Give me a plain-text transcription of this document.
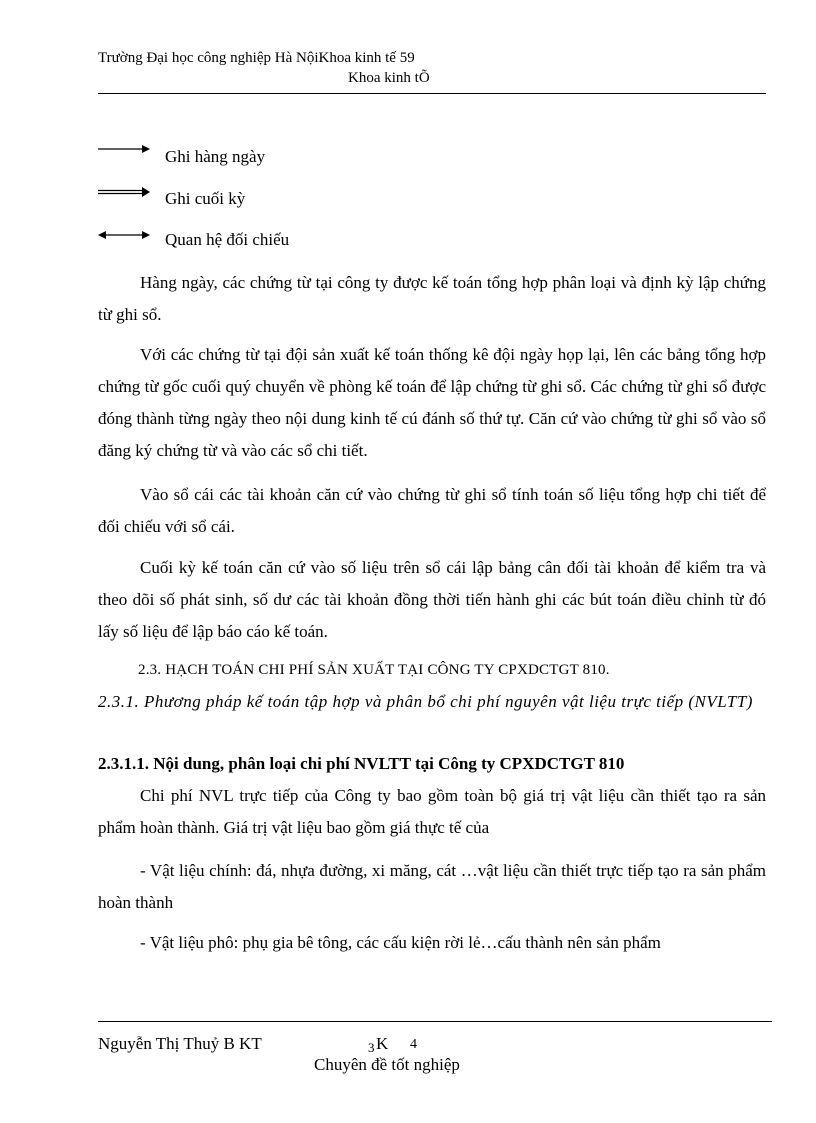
Trường Đại học công nghiệp Hà NộiKhoa kinh tế 59
Khoa kinh tÕ
Ghi hàng ngày
Ghi cuối kỳ
Quan hệ đối chiếu

Hàng ngày, các chứng từ tại công ty được kế toán tổng hợp phân loại và định kỳ lập chứng từ ghi sổ.

Với các chứng từ tại đội sản xuất kế toán thống kê đội ngày họp lại, lên các bảng tổng hợp chứng từ gốc cuối quý chuyển về phòng kế toán để lập chứng từ ghi sổ. Các chứng từ ghi sổ được đóng thành từng ngày theo nội dung kinh tế cú đánh số thứ tự. Căn cứ vào chứng từ ghi sổ vào sổ đăng ký chứng từ và vào các sổ chi tiết.

Vào sổ cái các tài khoản căn cứ vào chứng từ ghi sổ tính toán số liệu tổng hợp chi tiết để đối chiếu với sổ cái.

Cuối kỳ kế toán căn cứ vào số liệu trên sổ cái lập bảng cân đối tài khoản để kiểm tra và theo dõi số phát sinh, số dư các tài khoản đồng thời tiến hành ghi các bút toán điều chỉnh từ đó lấy số liệu để lập báo cáo kế toán.

2.3. HẠCH TOÁN CHI PHÍ SẢN XUẤT TẠI CÔNG TY CPXDCTGT 810.

2.3.1. Phương pháp kế toán tập hợp và phân bổ chi phí nguyên vật liệu trực tiếp (NVLTT)

2.3.1.1. Nội dung, phân loại chi phí NVLTT tại Công ty CPXDCTGT 810

Chi phí NVL trực tiếp của Công ty bao gồm toàn bộ giá trị vật liệu cần thiết tạo ra sản phẩm hoàn thành. Giá trị vật liệu bao gồm giá thực tế của

- Vật liệu chính: đá, nhựa đường, xi măng, cát …vật liệu cần thiết trực tiếp tạo ra sản phẩm hoàn thành

- Vật liệu phô: phụ gia bê tông, các cấu kiện rời lẻ…cấu thành nên sản phẩm

Nguyễn Thị Thuỷ B KT	3 K 4
Chuyên đề tốt nghiệp
